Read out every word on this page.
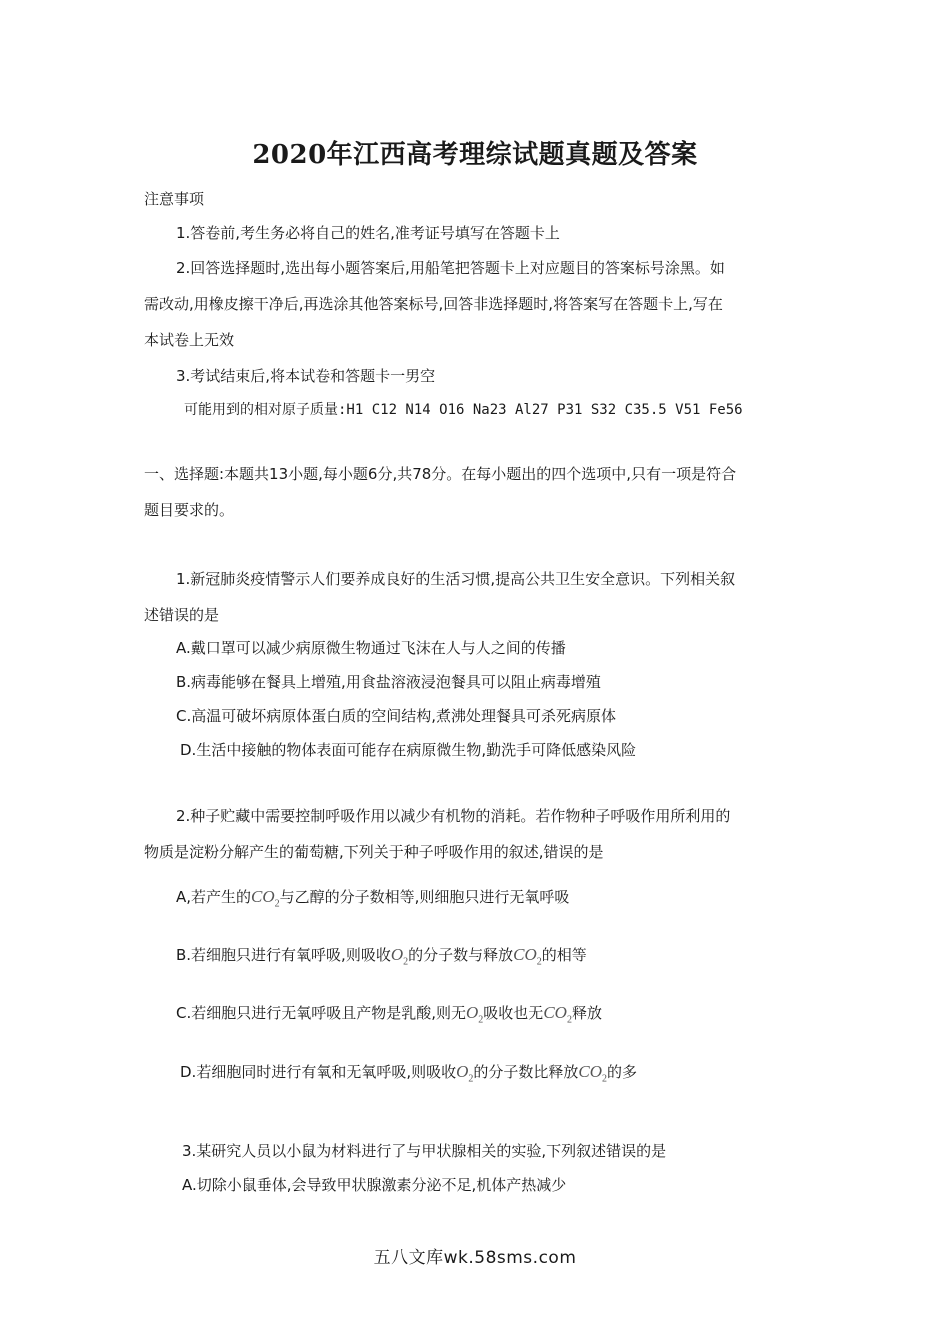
2020年江西高考理综试题真题及答案
注意事项
1.答卷前,考生务必将自己的姓名,准考证号填写在答题卡上
2.回答选择题时,选出每小题答案后,用船笔把答题卡上对应题目的答案标号涂黑。如
需改动,用橡皮擦干净后,再选涂其他答案标号,回答非选择题时,将答案写在答题卡上,写在
本试卷上无效
3.考试结束后,将本试卷和答题卡一男空
可能用到的相对原子质量:H1 C12 N14 O16 Na23 Al27 P31 S32 C35.5 V51 Fe56
一、选择题:本题共13小题,每小题6分,共78分。在每小题出的四个选项中,只有一项是符合
题目要求的。
1.新冠肺炎疫情警示人们要养成良好的生活习惯,提高公共卫生安全意识。下列相关叙
述错误的是
A.戴口罩可以减少病原微生物通过飞沫在人与人之间的传播
B.病毒能够在餐具上增殖,用食盐溶液浸泡餐具可以阻止病毒增殖
C.高温可破坏病原体蛋白质的空间结构,煮沸处理餐具可杀死病原体
D.生活中接触的物体表面可能存在病原微生物,勤洗手可降低感染风险
2.种子贮藏中需要控制呼吸作用以减少有机物的消耗。若作物种子呼吸作用所利用的
物质是淀粉分解产生的葡萄糖,下列关于种子呼吸作用的叙述,错误的是
A,若产生的$CO_2$与乙醇的分子数相等,则细胞只进行无氧呼吸
B.若细胞只进行有氧呼吸,则吸收$O_2$的分子数与释放$CO_2$的相等
C.若细胞只进行无氧呼吸且产物是乳酸,则无$O_2$吸收也无$CO_2$释放
D.若细胞同时进行有氧和无氧呼吸,则吸收$O_2$的分子数比释放$CO_2$的多
3.某研究人员以小鼠为材料进行了与甲状腺相关的实验,下列叙述错误的是
A.切除小鼠垂体,会导致甲状腺激素分泌不足,机体产热减少
五八文库wk.58sms.com
